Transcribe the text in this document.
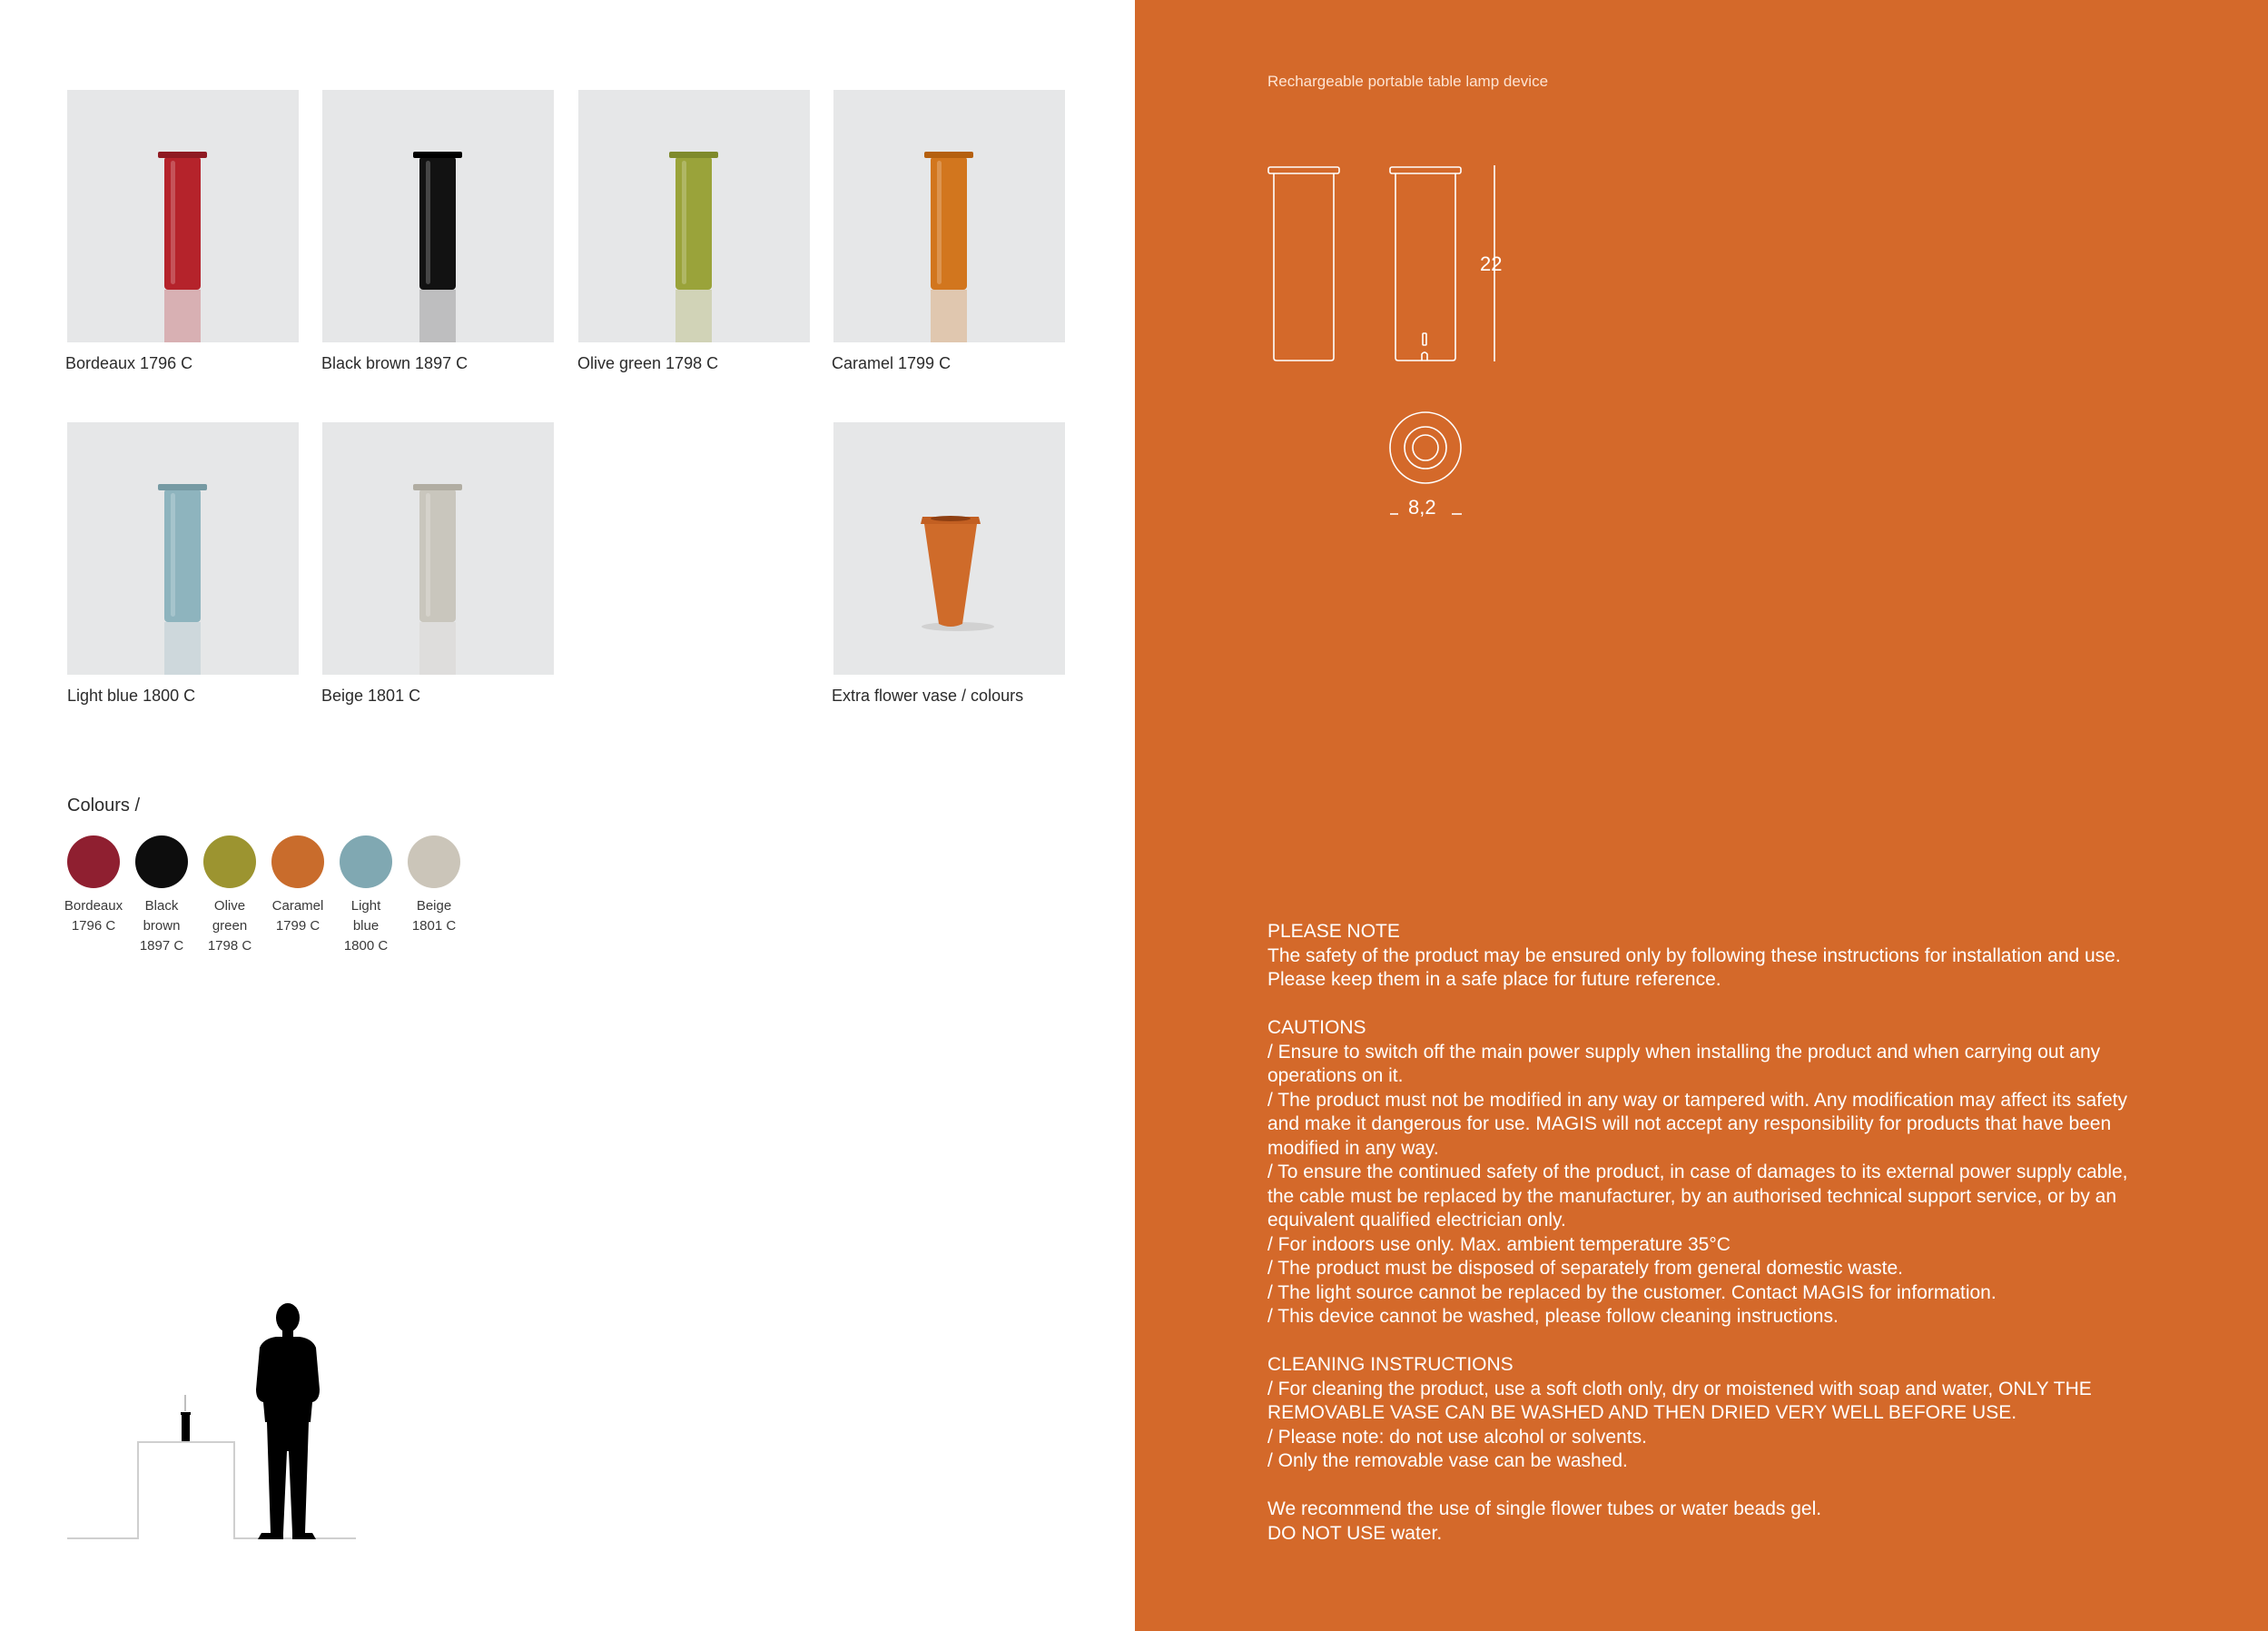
Bordeaux 1796 C	Black brown 1897 C	Olive green 1798 C	Caramel 1799 C
Light blue 1800 C	Beige 1801 C	Extra flower vase / colours
Colours /
Bordeaux
1796 C
Black
brown
1897 C
Olive
green
1798 C
Caramel
1799 C
Light
blue
1800 C
Beige
1801 C
Rechargeable portable table lamp device
22
8,2

PLEASE NOTE

The safety of the product may be ensured only by following these instructions for installation and use. Please keep them in a safe place for future reference.

CAUTIONS

/ Ensure to switch off the main power supply when installing the product and when carrying out any operations on it.

/ The product must not be modified in any way or tampered with. Any modification may affect its safety and make it dangerous for use. MAGIS will not accept any responsibility for products that have been modified in any way.

/ To ensure the continued safety of the product, in case of damages to its external power supply cable, the cable must be replaced by the manufacturer, by an authorised technical support service, or by an equivalent qualified electrician only.

/ For indoors use only. Max. ambient temperature 35°C

/ The product must be disposed of separately from general domestic waste.

/ The light source cannot be replaced by the customer. Contact MAGIS for information.

/ This device cannot be washed, please follow cleaning instructions.

CLEANING INSTRUCTIONS

/ For cleaning the product, use a soft cloth only, dry or moistened with soap and water, ONLY THE REMOVABLE VASE CAN BE WASHED AND THEN DRIED VERY WELL BEFORE USE.

/ Please note: do not use alcohol or solvents.

/ Only the removable vase can be washed.

We recommend the use of single flower tubes or water beads gel.

DO NOT USE water.
